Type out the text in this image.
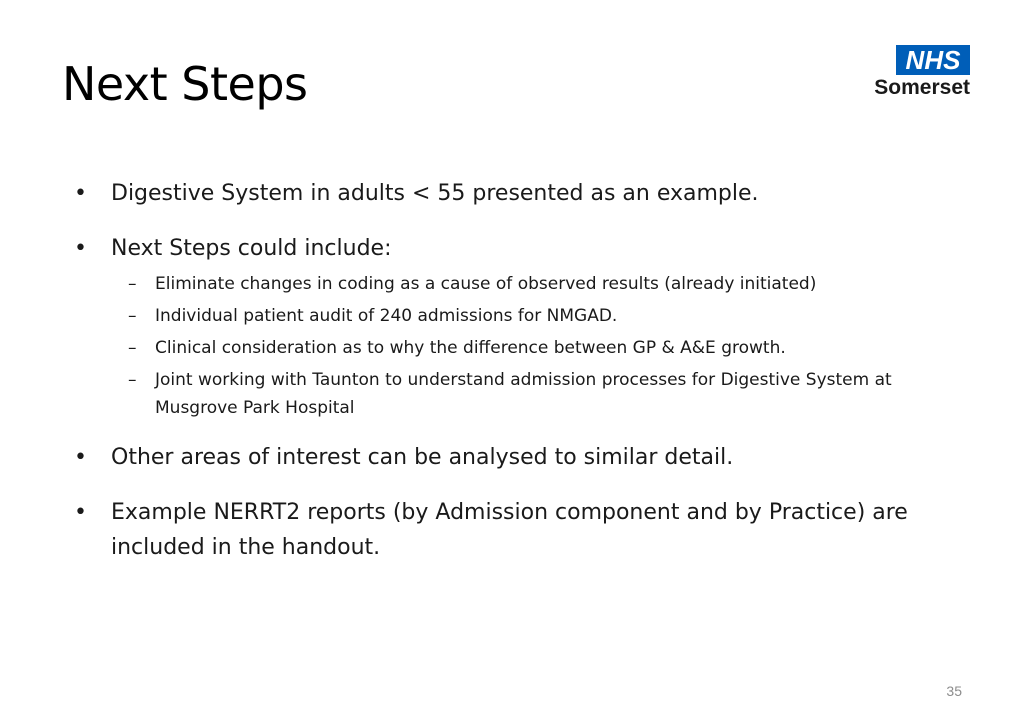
Next Steps	NHS
Somerset
• Digestive System in adults < 55 presented as an example.
• Next Steps could include:
– Eliminate changes in coding as a cause of observed results (already initiated)
– Individual patient audit of 240 admissions for NMGAD.
– Clinical consideration as to why the difference between GP & A&E growth.
– Joint working with Taunton to understand admission processes for Digestive System at Musgrove Park Hospital
• Other areas of interest can be analysed to similar detail.
• Example NERRT2 reports (by Admission component and by Practice) are included in the handout.
35
